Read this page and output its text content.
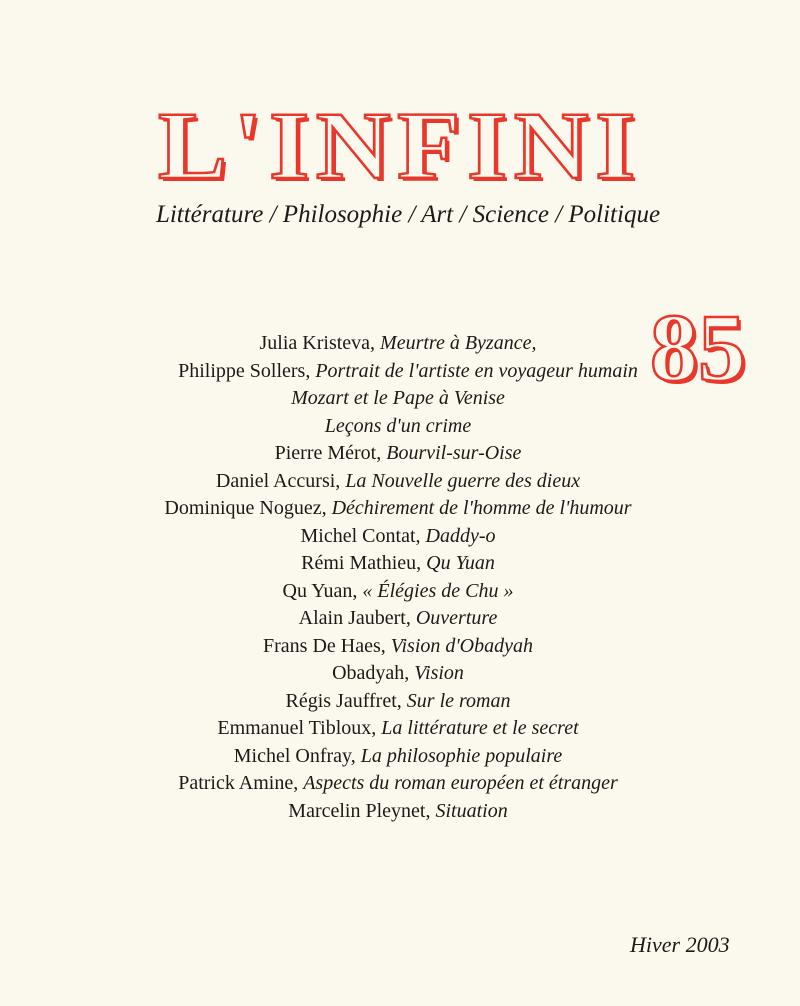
L'INFINI
Littérature / Philosophie / Art / Science / Politique
85

Julia Kristeva, Meurtre à Byzance,

Philippe Sollers, Portrait de l'artiste en voyageur humain

Mozart et le Pape à Venise

Leçons d'un crime

Pierre Mérot, Bourvil-sur-Oise

Daniel Accursi, La Nouvelle guerre des dieux

Dominique Noguez, Déchirement de l'homme de l'humour

Michel Contat, Daddy-o

Rémi Mathieu, Qu Yuan

Qu Yuan, « Élégies de Chu »

Alain Jaubert, Ouverture

Frans De Haes, Vision d'Obadyah

Obadyah, Vision

Régis Jauffret, Sur le roman

Emmanuel Tibloux, La littérature et le secret

Michel Onfray, La philosophie populaire

Patrick Amine, Aspects du roman européen et étranger

Marcelin Pleynet, Situation

Hiver 2003
